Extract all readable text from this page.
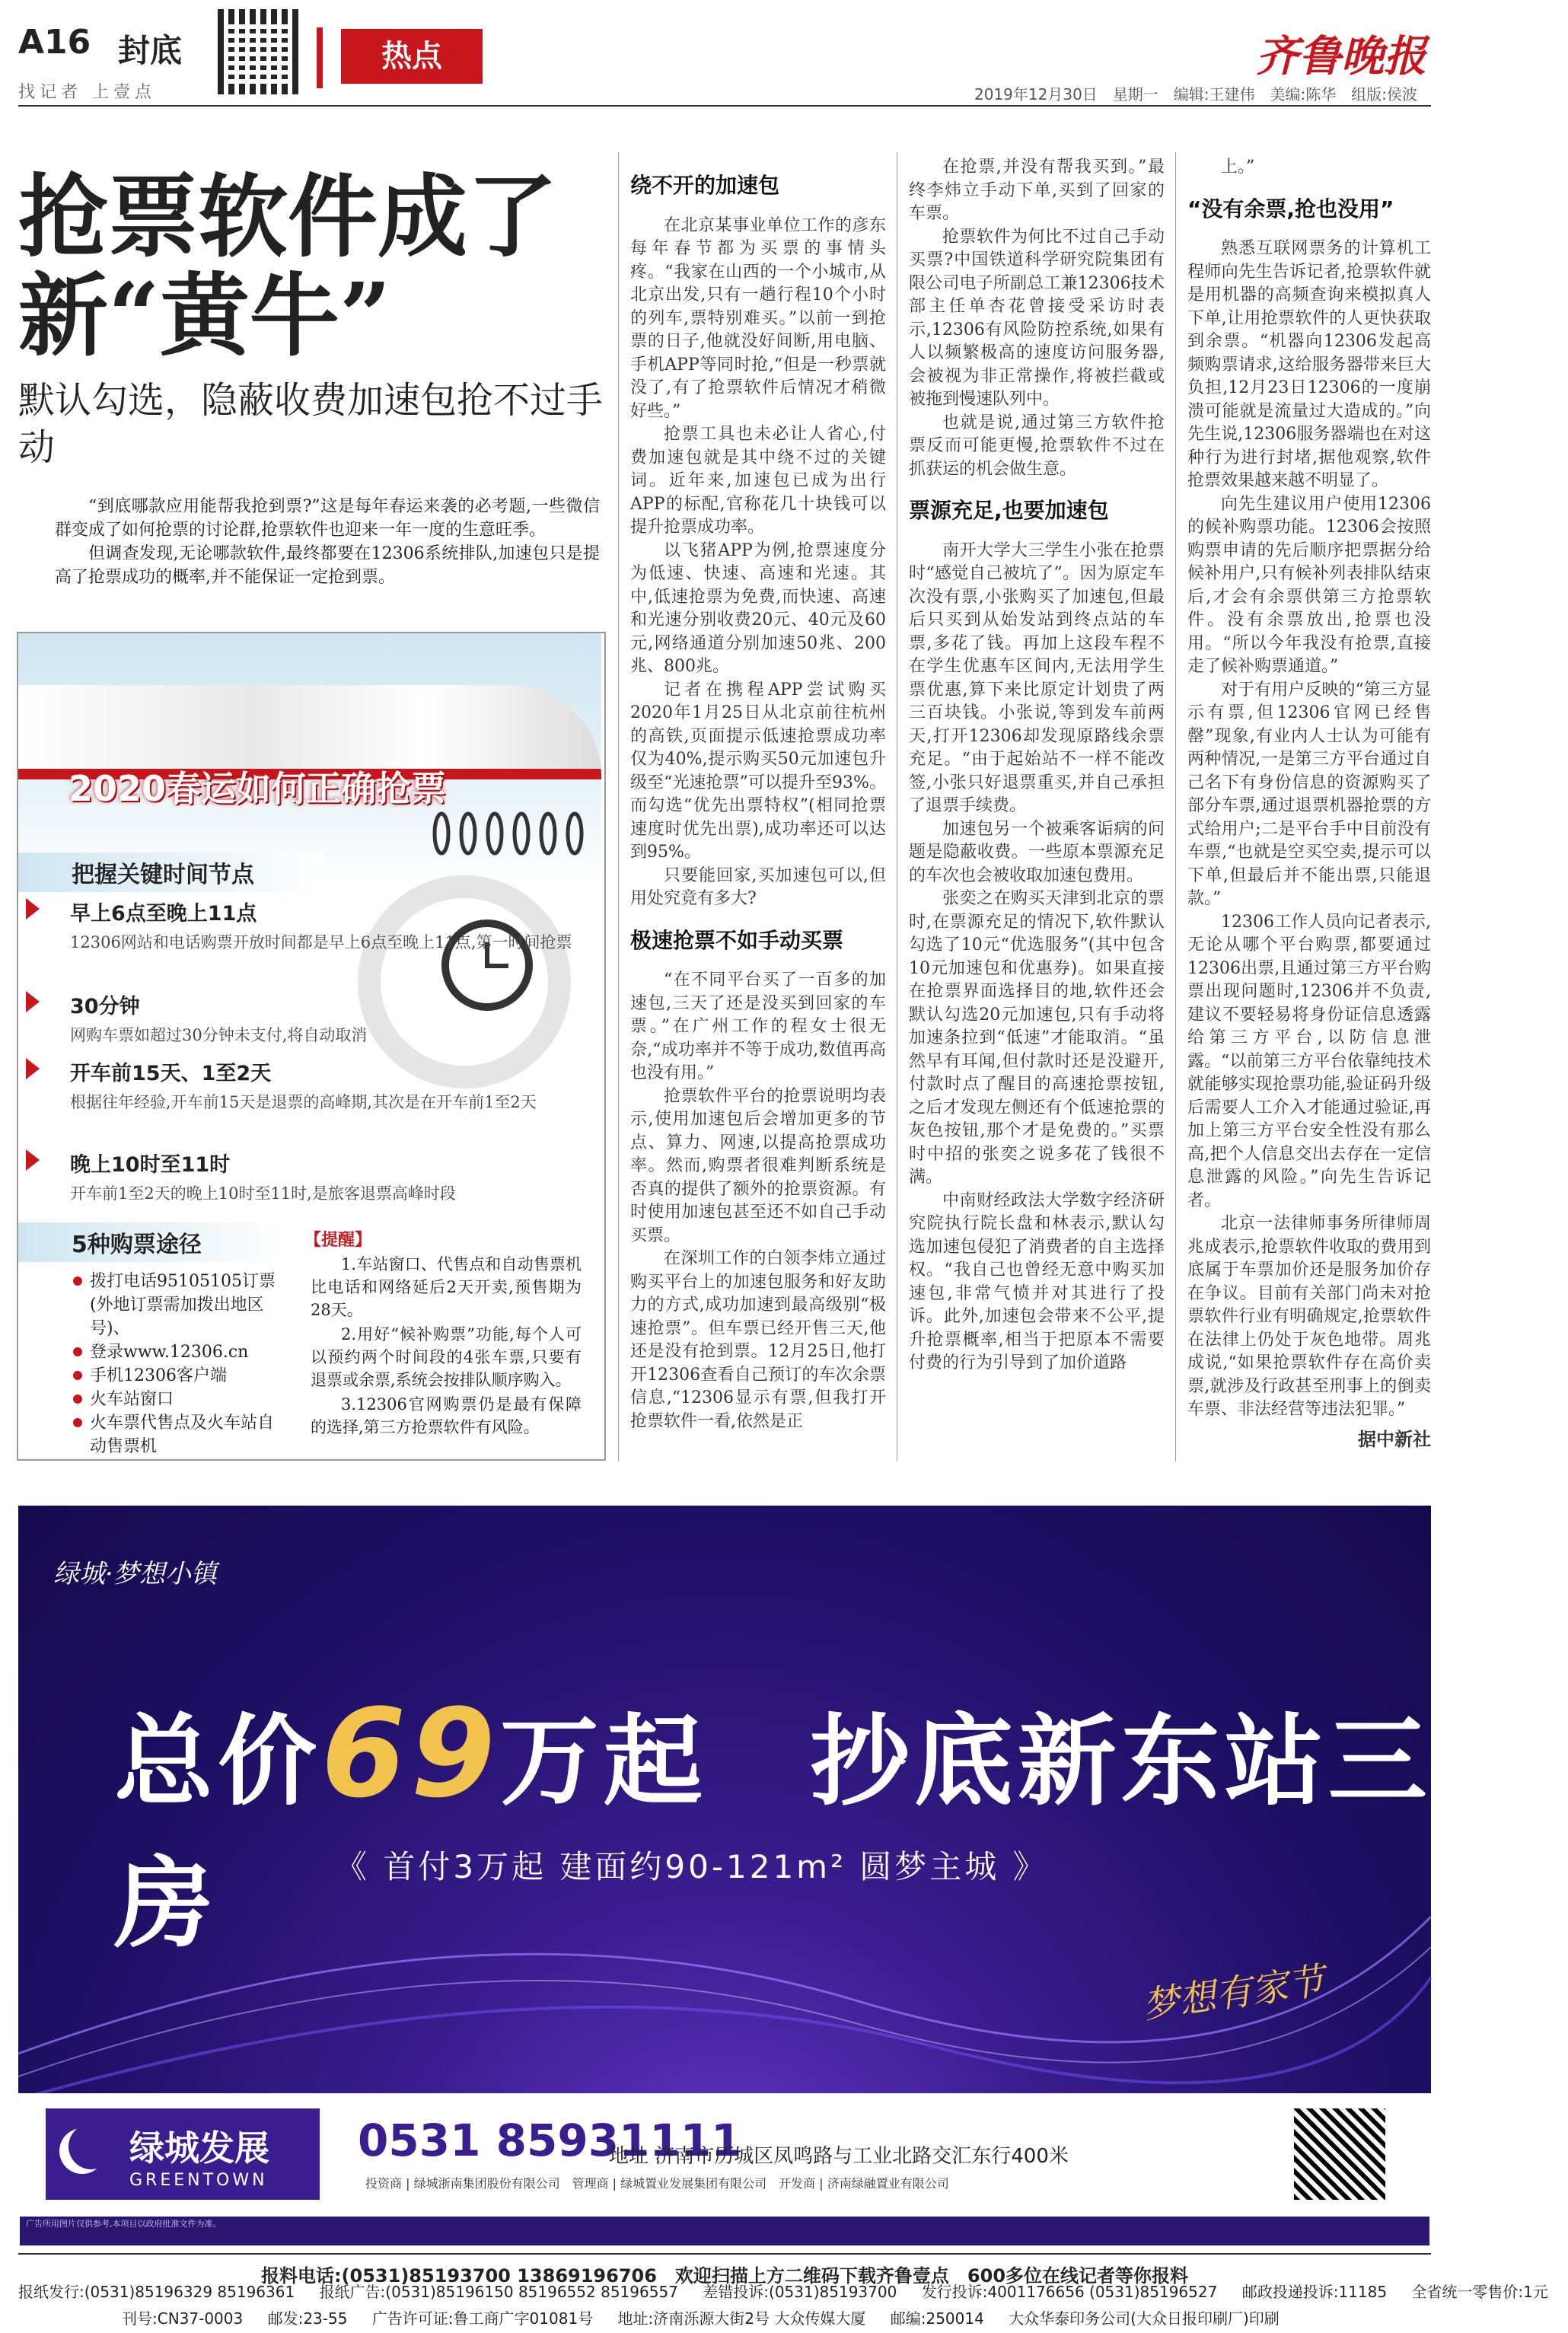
A16 封底
找记者 上壹点
热点	齐鲁晚报
2019年12月30日　星期一　编辑:王建伟　美编:陈华　组版:侯波
抢票软件成了新“黄牛”
默认勾选，隐蔽收费加速包抢不过手动

“到底哪款应用能帮我抢到票?”这是每年春运来袭的必考题,一些微信群变成了如何抢票的讨论群,抢票软件也迎来一年一度的生意旺季。

但调查发现,无论哪款软件,最终都要在12306系统排队,加速包只是提高了抢票成功的概率,并不能保证一定抢到票。

2020春运如何正确抢票
把握关键时间节点
早上6点至晚上11点
12306网站和电话购票开放时间都是早上6点至晚上11点,第一时间抢票
30分钟
网购车票如超过30分钟未支付,将自动取消
开车前15天、1至2天
根据往年经验,开车前15天是退票的高峰期,其次是在开车前1至2天
晚上10时至11时
开车前1至2天的晚上10时至11时,是旅客退票高峰时段
5种购票途径
拨打电话95105105订票(外地订票需加拨出地区号)、
登录www.12306.cn
手机12306客户端
火车站窗口
火车票代售点及火车站自动售票机
【提醒】

1.车站窗口、代售点和自动售票机比电话和网络延后2天开卖,预售期为28天。

2.用好“候补购票”功能,每个人可以预约两个时间段的4张车票,只要有退票或余票,系统会按排队顺序购入。

3.12306官网购票仍是最有保障的选择,第三方抢票软件有风险。

绕不开的加速包

在北京某事业单位工作的彦东每年春节都为买票的事情头疼。“我家在山西的一个小城市,从北京出发,只有一趟行程10个小时的列车,票特别难买。”以前一到抢票的日子,他就没好间断,用电脑、手机APP等同时抢,“但是一秒票就没了,有了抢票软件后情况才稍微好些。”

抢票工具也未必让人省心,付费加速包就是其中绕不过的关键词。近年来,加速包已成为出行APP的标配,官称花几十块钱可以提升抢票成功率。

以飞猪APP为例,抢票速度分为低速、快速、高速和光速。其中,低速抢票为免费,而快速、高速和光速分别收费20元、40元及60元,网络通道分别加速50兆、200兆、800兆。

记者在携程APP尝试购买2020年1月25日从北京前往杭州的高铁,页面提示低速抢票成功率仅为40%,提示购买50元加速包升级至“光速抢票”可以提升至93%。而勾选“优先出票特权”(相同抢票速度时优先出票),成功率还可以达到95%。

只要能回家,买加速包可以,但用处究竟有多大?

极速抢票不如手动买票

“在不同平台买了一百多的加速包,三天了还是没买到回家的车票。”在广州工作的程女士很无奈,“成功率并不等于成功,数值再高也没有用。”

抢票软件平台的抢票说明均表示,使用加速包后会增加更多的节点、算力、网速,以提高抢票成功率。然而,购票者很难判断系统是否真的提供了额外的抢票资源。有时使用加速包甚至还不如自己手动买票。

在深圳工作的白领李炜立通过购买平台上的加速包服务和好友助力的方式,成功加速到最高级别“极速抢票”。但车票已经开售三天,他还是没有抢到票。12月25日,他打开12306查看自己预订的车次余票信息,“12306显示有票,但我打开抢票软件一看,依然是正

在抢票,并没有帮我买到。”最终李炜立手动下单,买到了回家的车票。

抢票软件为何比不过自己手动买票?中国铁道科学研究院集团有限公司电子所副总工兼12306技术部主任单杏花曾接受采访时表示,12306有风险防控系统,如果有人以频繁极高的速度访问服务器,会被视为非正常操作,将被拦截或被拖到慢速队列中。

也就是说,通过第三方软件抢票反而可能更慢,抢票软件不过在抓获运的机会做生意。

票源充足,也要加速包

南开大学大三学生小张在抢票时“感觉自己被坑了”。因为原定车次没有票,小张购买了加速包,但最后只买到从始发站到终点站的车票,多花了钱。再加上这段车程不在学生优惠车区间内,无法用学生票优惠,算下来比原定计划贵了两三百块钱。小张说,等到发车前两天,打开12306却发现原路线余票充足。“由于起始站不一样不能改签,小张只好退票重买,并自己承担了退票手续费。

加速包另一个被乘客诟病的问题是隐蔽收费。一些原本票源充足的车次也会被收取加速包费用。

张奕之在购买天津到北京的票时,在票源充足的情况下,软件默认勾选了10元“优选服务”(其中包含10元加速包和优惠券)。如果直接在抢票界面选择目的地,软件还会默认勾选20元加速包,只有手动将加速条拉到“低速”才能取消。“虽然早有耳闻,但付款时还是没避开,付款时点了醒目的高速抢票按钮,之后才发现左侧还有个低速抢票的灰色按钮,那个才是免费的。”买票时中招的张奕之说多花了钱很不满。

中南财经政法大学数字经济研究院执行院长盘和林表示,默认勾选加速包侵犯了消费者的自主选择权。“我自己也曾经无意中购买加速包,非常气愤并对其进行了投诉。此外,加速包会带来不公平,提升抢票概率,相当于把原本不需要付费的行为引导到了加价道路

上。”

“没有余票,抢也没用”

熟悉互联网票务的计算机工程师向先生告诉记者,抢票软件就是用机器的高频查询来模拟真人下单,让用抢票软件的人更快获取到余票。“机器向12306发起高频购票请求,这给服务器带来巨大负担,12月23日12306的一度崩溃可能就是流量过大造成的。”向先生说,12306服务器端也在对这种行为进行封堵,据他观察,软件抢票效果越来越不明显了。

向先生建议用户使用12306的候补购票功能。12306会按照购票申请的先后顺序把票据分给候补用户,只有候补列表排队结束后,才会有余票供第三方抢票软件。没有余票放出,抢票也没用。“所以今年我没有抢票,直接走了候补购票通道。”

对于有用户反映的“第三方显示有票,但12306官网已经售罄”现象,有业内人士认为可能有两种情况,一是第三方平台通过自己名下有身份信息的资源购买了部分车票,通过退票机器抢票的方式给用户;二是平台手中目前没有车票,“也就是空买空卖,提示可以下单,但最后并不能出票,只能退款。”

12306工作人员向记者表示,无论从哪个平台购票,都要通过12306出票,且通过第三方平台购票出现问题时,12306并不负责,建议不要轻易将身份证信息透露给第三方平台,以防信息泄露。“以前第三方平台依靠纯技术就能够实现抢票功能,验证码升级后需要人工介入才能通过验证,再加上第三方平台安全性没有那么高,把个人信息交出去存在一定信息泄露的风险。”向先生告诉记者。

北京一法律师事务所律师周兆成表示,抢票软件收取的费用到底属于车票加价还是服务加价存在争议。目前有关部门尚未对抢票软件行业有明确规定,抢票软件在法律上仍处于灰色地带。周兆成说,“如果抢票软件存在高价卖票,就涉及行政甚至刑事上的倒卖车票、非法经营等违法犯罪。”

据中新社
绿城·梦想小镇
总价69万起　抄底新东站三房	《 首付3万起 建面约90-121m² 圆梦主城 》
梦想有家节
绿城发展
GREENTOWN
0531 85931111
地址 济南市历城区凤鸣路与工业北路交汇东行400米
投资商 | 绿城浙南集团股份有限公司　管理商 | 绿城置业发展集团有限公司　开发商 | 济南绿融置业有限公司
广告所用图片仅供参考,本项目以政府批准文件为准。
报料电话:(0531)85193700 13869196706　欢迎扫描上方二维码下载齐鲁壹点　600多位在线记者等你报料
报纸发行:(0531)85196329 85196361 报纸广告:(0531)85196150 85196552 85196557 差错投诉:(0531)85193700 发行投诉:4001176656 (0531)85196527 邮政投递投诉:11185 全省统一零售价:1元
刊号:CN37-0003 邮发:23-55 广告许可证:鲁工商广字01081号 地址:济南泺源大街2号 大众传媒大厦 邮编:250014 大众华泰印务公司(大众日报印刷厂)印刷
